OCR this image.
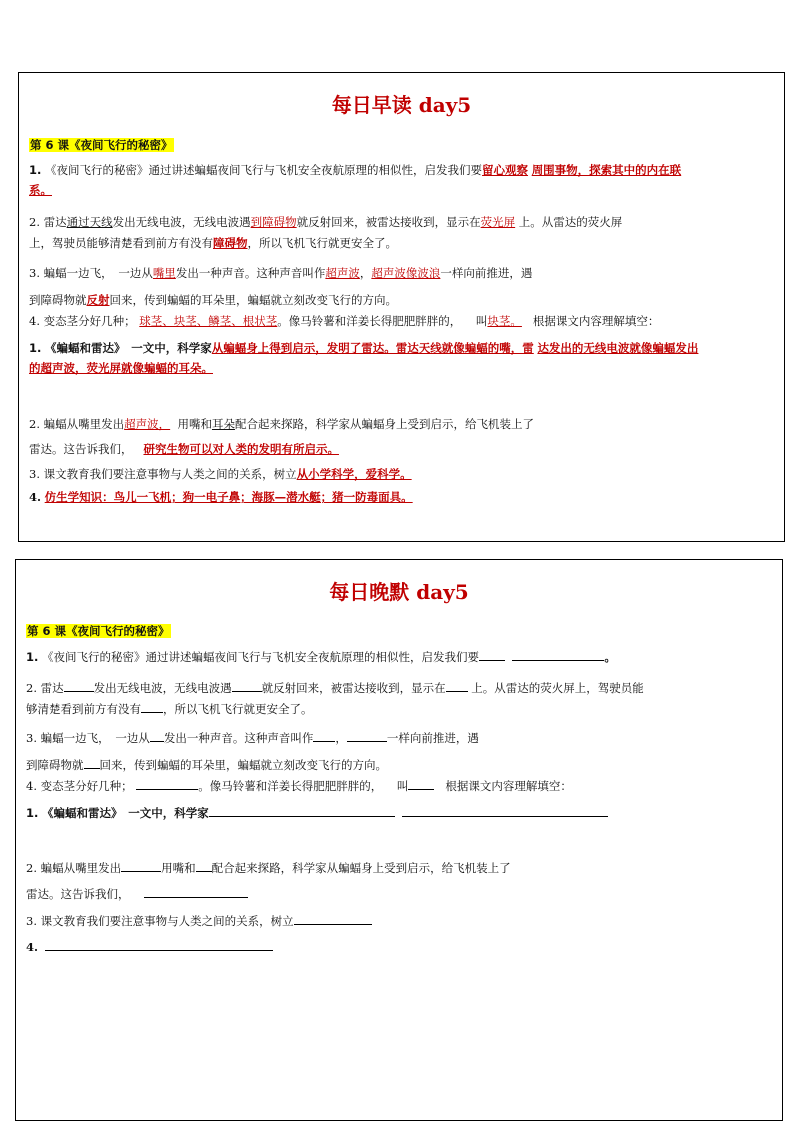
每日早读 day5
第 6 课《夜间飞行的秘密》
1. 《夜间飞行的秘密》通过讲述蝙蝠夜间飞行与飞机安全夜航原理的相似性，启发我们要留心观察 周围事物，探索其中的内在联
系。
2. 雷达通过天线发出无线电波，无线电波遇到障碍物就反射回来，被雷达接收到，显示在荧光屏 上。从雷达的荧火屏
上，驾驶员能够清楚看到前方有没有障碍物，所以飞机飞行就更安全了。
3. 蝙蝠一边飞，　一边从嘴里发出一种声音。这种声音叫作超声波，超声波像波浪一样向前推进，遇
到障碍物就反射回来，传到蝙蝠的耳朵里，蝙蝠就立刻改变飞行的方向。
4. 变态茎分好几种； 球茎、块茎、鳞茎、根状茎。像马铃薯和洋姜长得肥肥胖胖的， 叫块茎。 根据课文内容理解填空：
1. 《蝙蝠和雷达》　一文中，科学家从蝙蝠身上得到启示，发明了雷达。雷达天线就像蝙蝠的嘴，雷 达发出的无线电波就像蝙蝠发出
的超声波，荧光屏就像蝙蝠的耳朵。
2. 蝙蝠从嘴里发出超声波， 用嘴和耳朵配合起来探路，科学家从蝙蝠身上受到启示，给飞机装上了
雷达。这告诉我们， 研究生物可以对人类的发明有所启示。
3. 课文教育我们要注意事物与人类之间的关系，树立从小学科学，爱科学。
4. 仿生学知识：鸟儿一飞机；狗一电子鼻；海豚—潜水艇；猪一防毒面具。
每日晚默 day5
第 6 课《夜间飞行的秘密》
1. 《夜间飞行的秘密》通过讲述蝙蝠夜间飞行与飞机安全夜航原理的相似性，启发我们要	。
2. 雷达	发出无线电波，无线电波遇	就反射回来，被雷达接收到，显示在 上。从雷达的荧火屏上，驾驶员能
够清楚看到前方有没有 ，所以飞机飞行就更安全了。
3. 蝙蝠一边飞，　一边从 发出一种声音。这种声音叫作 ，	一样向前推进，遇
到障碍物就 回来，传到蝙蝠的耳朵里，蝙蝠就立刻改变飞行的方向。
4. 变态茎分好几种；	。像马铃薯和洋姜长得肥肥胖胖的， 叫	根据课文内容理解填空：
1. 《蝙蝠和雷达》　一文中，科学家
2. 蝙蝠从嘴里发出	用嘴和 配合起来探路，科学家从蝙蝠身上受到启示，给飞机装上了
雷达。这告诉我们，
3. 课文教育我们要注意事物与人类之间的关系，树立
4.
